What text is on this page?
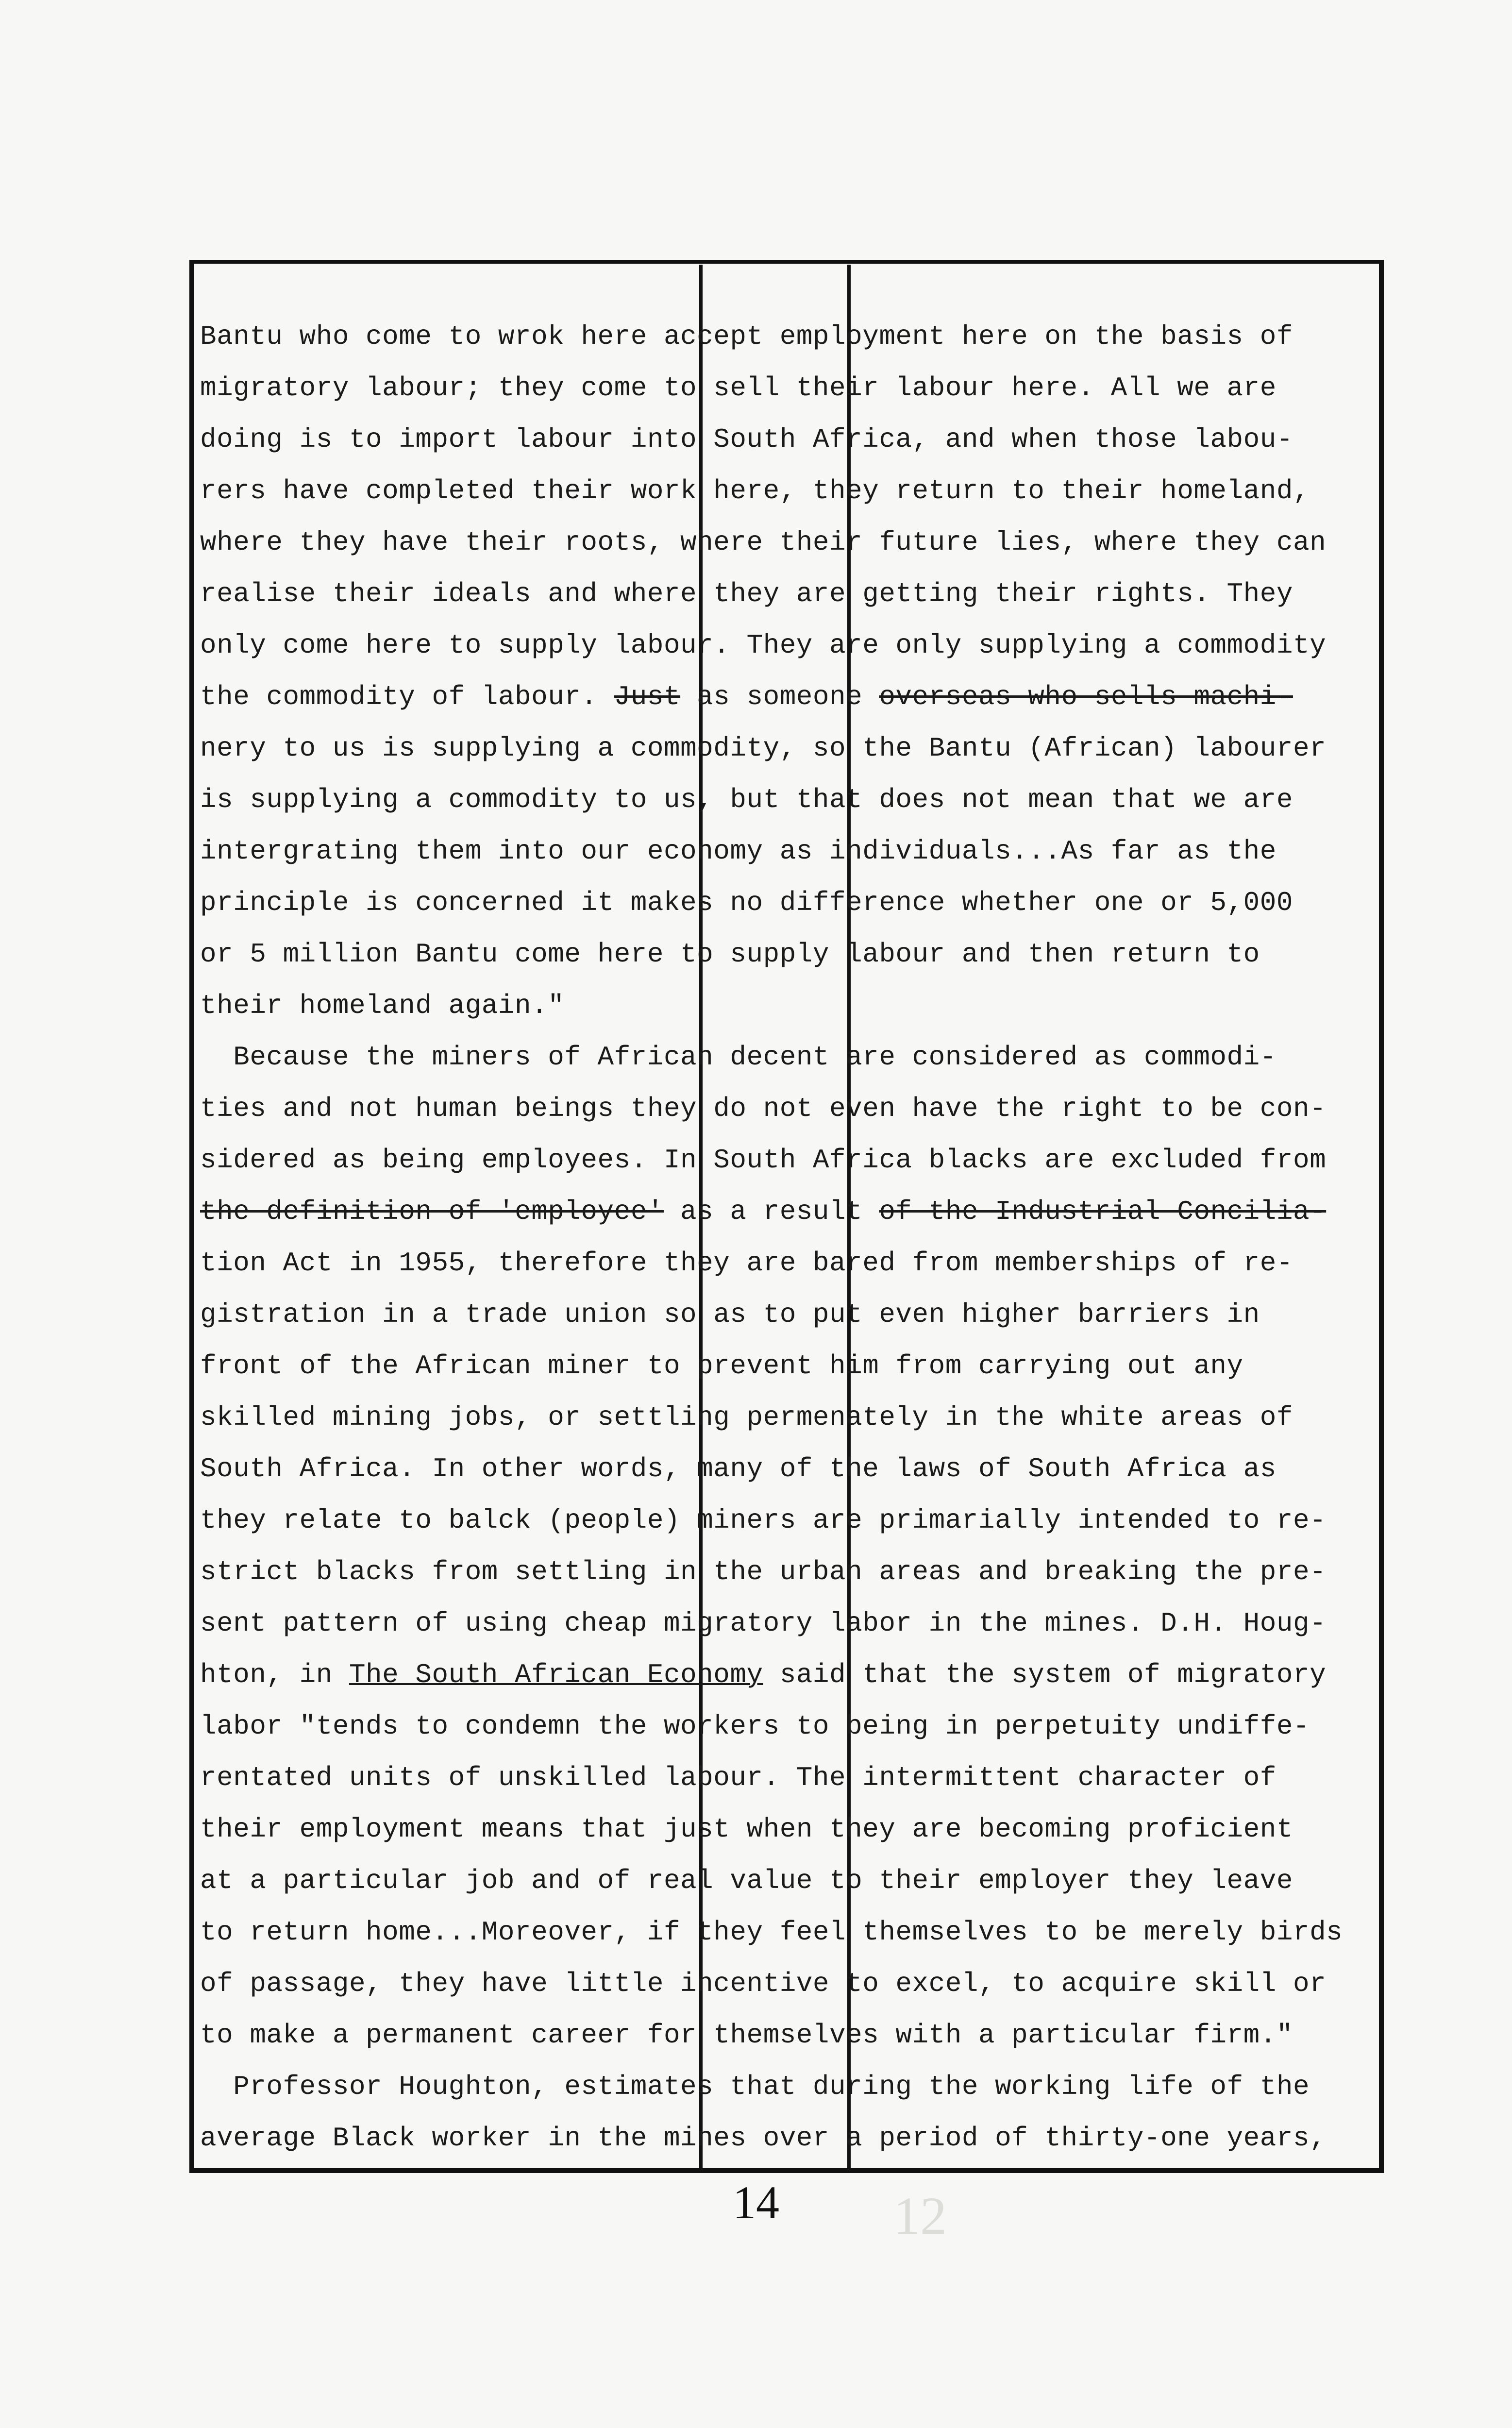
12
Bantu who come to wrok here accept employment here on the basis of
migratory labour; they come to sell their labour here. All we are
doing is to import labour into South Africa, and when those labou-
rers have completed their work here, they return to their homeland,
where they have their roots, where their future lies, where they can
realise their ideals and where they are getting their rights. They
only come here to supply labour. They are only supplying a commodity
the commodity of labour. Just as someone overseas who sells machi-
nery to us is supplying a commodity, so the Bantu (African) labourer
is supplying a commodity to us, but that does not mean that we are
intergrating them into our economy as individuals...As far as the
principle is concerned it makes no difference whether one or 5,000
or 5 million Bantu come here to supply labour and then return to
their homeland again."
Because the miners of African decent are considered as commodi-
ties and not human beings they do not even have the right to be con-
sidered as being employees. In South Africa blacks are excluded from
the definition of 'employee' as a result of the Industrial Concilia-
tion Act in 1955, therefore they are bared from memberships of re-
gistration in a trade union so as to put even higher barriers in
front of the African miner to prevent him from carrying out any
skilled mining jobs, or settling permenately in the white areas of
South Africa. In other words, many of the laws of South Africa as
they relate to balck (people) miners are primarially intended to re-
strict blacks from settling in the urban areas and breaking the pre-
sent pattern of using cheap migratory labor in the mines. D.H. Houg-
hton, in The South African Economy said that the system of migratory
labor "tends to condemn the workers to being in perpetuity undiffe-
rentated units of unskilled labour. The intermittent character of
their employment means that just when they are becoming proficient
at a particular job and of real value to their employer they leave
to return home...Moreover, if they feel themselves to be merely birds
of passage, they have little incentive to excel, to acquire skill or
to make a permanent career for themselves with a particular firm."
Professor Houghton, estimates that during the working life of the
average Black worker in the mines over a period of thirty-one years,
14
